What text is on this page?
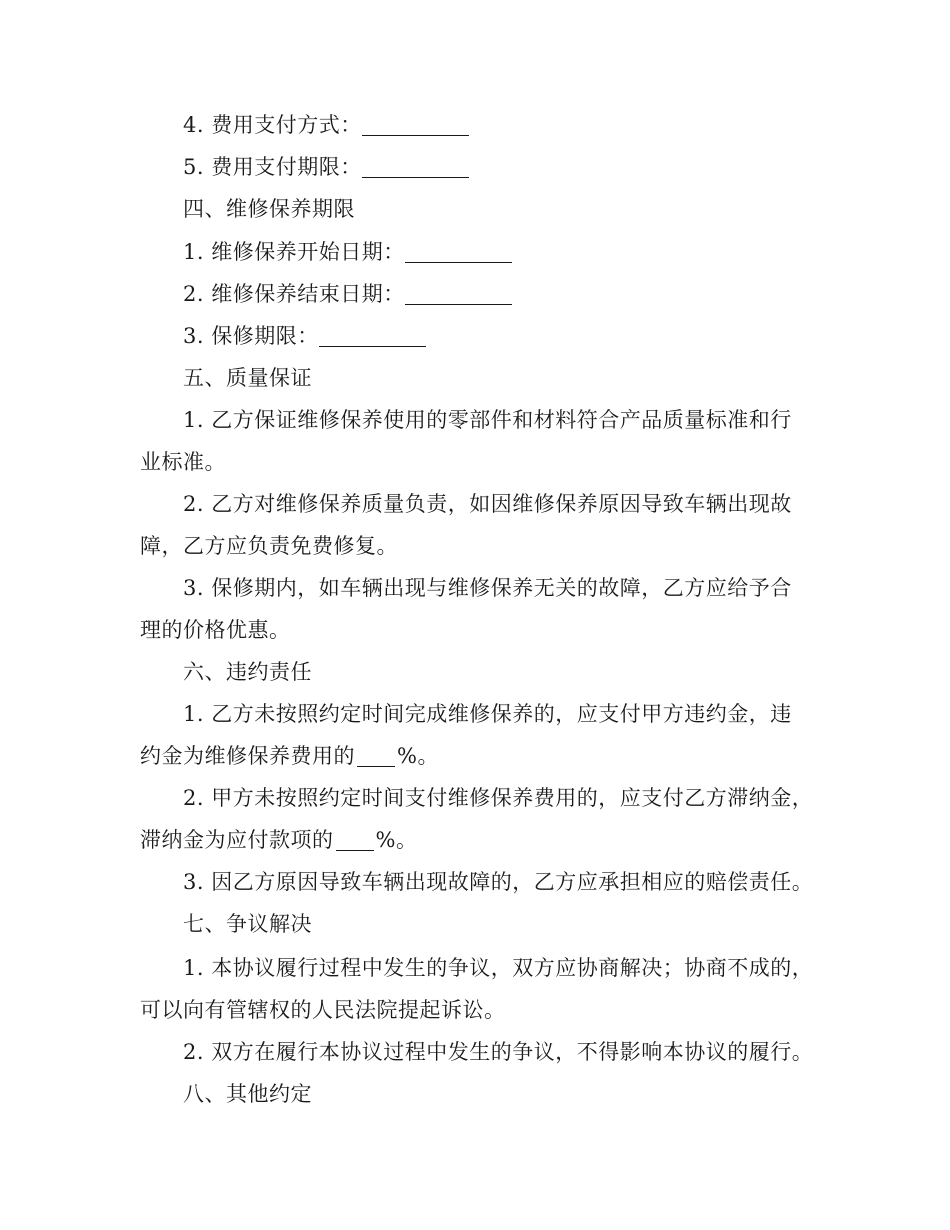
4. 费用支付方式：
5. 费用支付期限：
四、维修保养期限
1. 维修保养开始日期：
2. 维修保养结束日期：
3. 保修期限：
五、质量保证
1. 乙方保证维修保养使用的零部件和材料符合产品质量标准和行
业标准。
2. 乙方对维修保养质量负责，如因维修保养原因导致车辆出现故
障，乙方应负责免费修复。
3. 保修期内，如车辆出现与维修保养无关的故障，乙方应给予合
理的价格优惠。
六、违约责任
1. 乙方未按照约定时间完成维修保养的，应支付甲方违约金，违
约金为维修保养费用的 %。
2. 甲方未按照约定时间支付维修保养费用的，应支付乙方滞纳金，
滞纳金为应付款项的 %。
3. 因乙方原因导致车辆出现故障的，乙方应承担相应的赔偿责任。
七、争议解决
1. 本协议履行过程中发生的争议，双方应协商解决；协商不成的，
可以向有管辖权的人民法院提起诉讼。
2. 双方在履行本协议过程中发生的争议，不得影响本协议的履行。
八、其他约定
